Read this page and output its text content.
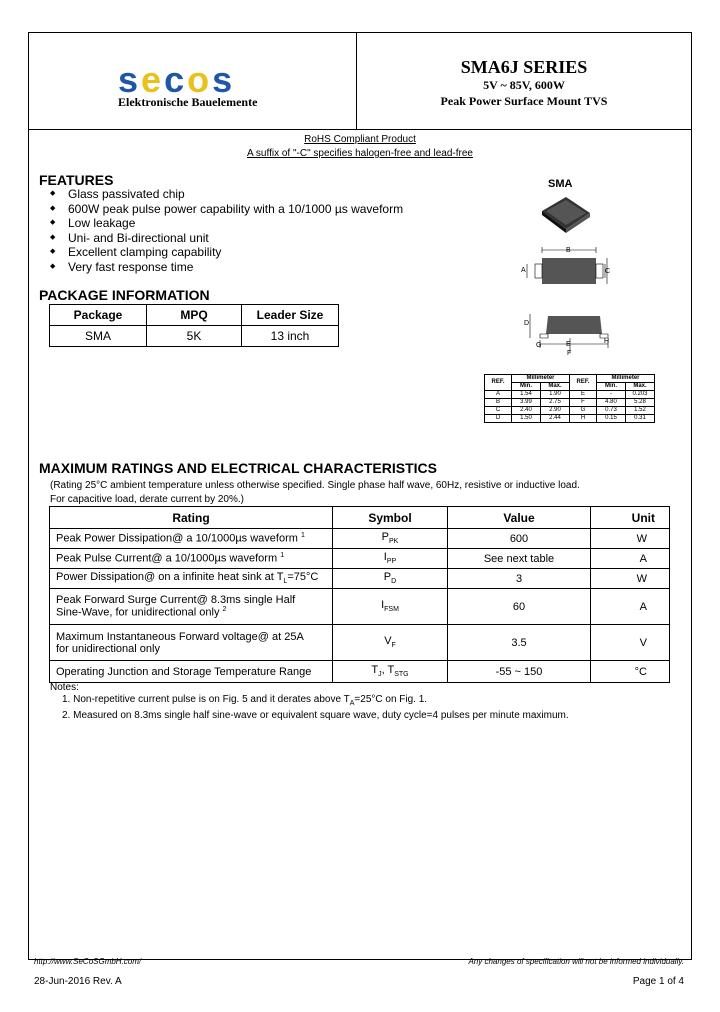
secos
Elektronische Bauelemente
SMA6J SERIES
5V ~ 85V, 600W
Peak Power Surface Mount TVS
RoHS Compliant Product
A suffix of "-C" specifies halogen-free and lead-free
FEATURES
◆ Glass passivated chip
◆ 600W peak pulse power capability with a 10/1000 µs waveform
◆ Low leakage
◆ Uni- and Bi-directional unit
◆ Excellent clamping capability
◆ Very fast response time
PACKAGE INFORMATION
Package	MPQ	Leader Size
SMA	5K	13 inch
SMA
B
A	C
D
G	E	H
F
REF.	Millimeter		REF.	Millimeter	
	Min.	Max.		Min.	Max.
A	1.54	1.90	E	-	0.203
B	3.99	2.75	F	4.80	5.28
C	2.40	2.90	G	0.73	1.52
D	1.50	2.44	H	0.15	0.31
MAXIMUM RATINGS AND ELECTRICAL CHARACTERISTICS
(Rating 25°C ambient temperature unless otherwise specified. Single phase half wave, 60Hz, resistive or inductive load.
For capacitive load, derate current by 20%.)
Rating	Symbol	Value	Unit
Peak Power Dissipation@ a 10/1000µs waveform $^1$	$P_{PK}$	600	W
Peak Pulse Current@ a 10/1000µs waveform $^1$	$I_{PP}$	See next table	A
Power Dissipation@ on a infinite heat sink at $T_L=75^\circ C$	$P_D$	3	W

Peak Forward Surge Current@ 8.3ms single Half
Sine-Wave, for unidirectional only $^2$	$I_{FSM}$	60	A

Maximum Instantaneous Forward voltage@ at 25A
for unidirectional only	$V_F$	3.5	V
Operating Junction and Storage Temperature Range	$T_J$, $T_{STG}$	-55 ~ 150	°C
Notes:
1. Non-repetitive current pulse is on Fig. 5 and it derates above $T_A=25^\circ C$ on Fig. 1.
2. Measured on 8.3ms single half sine-wave or equivalent square wave, duty cycle=4 pulses per minute maximum.
http://www.SeCoSGmbH.com/	Any changes of specification will not be informed individually.
28-Jun-2016 Rev. A	Page 1 of 4
